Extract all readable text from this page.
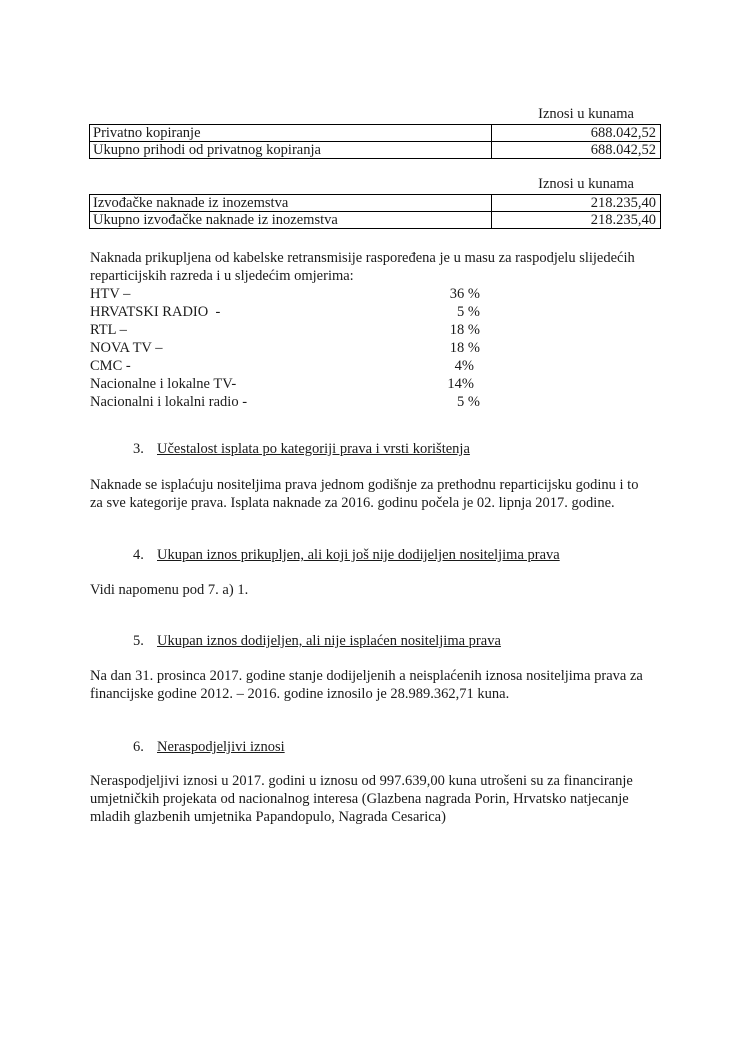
Iznosi u kunama
Privatno kopiranje	688.042,52
Ukupno prihodi od privatnog kopiranja	688.042,52
Iznosi u kunama
Izvođačke naknade iz inozemstva	218.235,40
Ukupno izvođačke naknade iz inozemstva	218.235,40
Naknada prikupljena od kabelske retransmisije raspoređena je u masu za raspodjelu slijedećih
reparticijskih razreda i u sljedećim omjerima:
HTV –	36 %
HRVATSKI RADIO  -	5 %
RTL –	18 %
NOVA TV –	18 %
CMC -	4%
Nacionalne i lokalne TV-	14%
Nacionalni i lokalni radio -	5 %
3. Učestalost isplata po kategoriji prava i vrsti korištenja
Naknade se isplaćuju nositeljima prava jednom godišnje za prethodnu reparticijsku godinu i to
za sve kategorije prava. Isplata naknade za 2016. godinu počela je 02. lipnja 2017. godine.
4. Ukupan iznos prikupljen, ali koji još nije dodijeljen nositeljima prava
Vidi napomenu pod 7. a) 1.
5. Ukupan iznos dodijeljen, ali nije isplaćen nositeljima prava
Na dan 31. prosinca 2017. godine stanje dodijeljenih a neisplaćenih iznosa nositeljima prava za
financijske godine 2012. – 2016. godine iznosilo je 28.989.362,71 kuna.
6. Neraspodjeljivi iznosi
Neraspodjeljivi iznosi u 2017. godini u iznosu od 997.639,00 kuna utrošeni su za financiranje
umjetničkih projekata od nacionalnog interesa (Glazbena nagrada Porin, Hrvatsko natjecanje
mladih glazbenih umjetnika Papandopulo, Nagrada Cesarica)
